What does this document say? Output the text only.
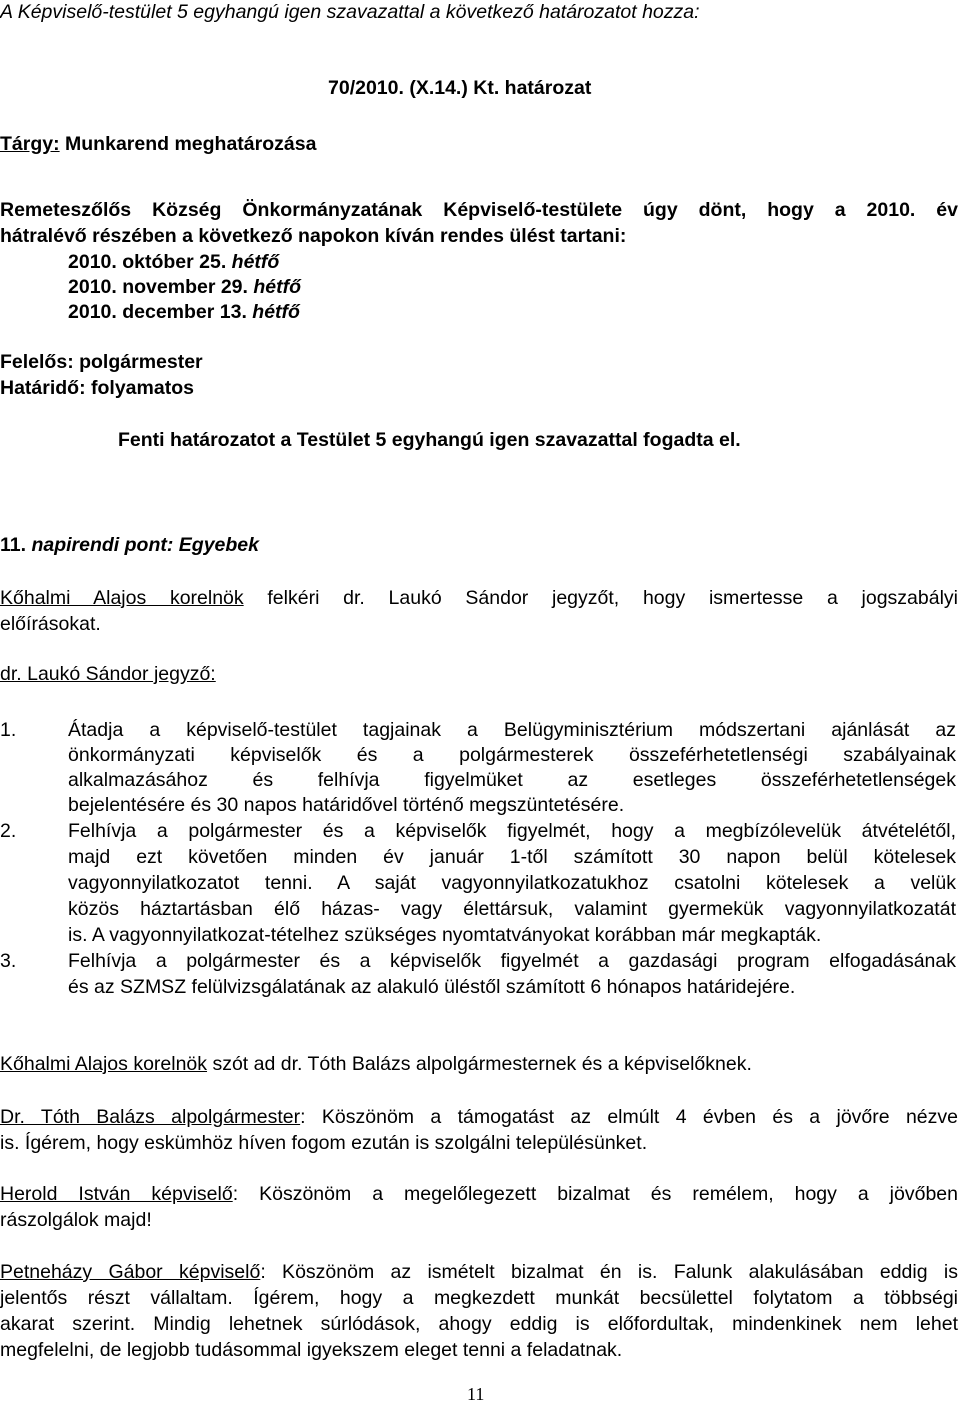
A Képviselő-testület 5 egyhangú igen szavazattal a következő határozatot hozza:

70/2010. (X.14.) Kt. határozat

Tárgy: Munkarend meghatározása

Remeteszőlős Község Önkormányzatának Képviselő-testülete úgy dönt, hogy a 2010. év

hátralévő részében a következő napokon kíván rendes ülést tartani:

2010. október 25. hétfő

2010. november 29. hétfő

2010. december 13. hétfő

Felelős: polgármester

Határidő: folyamatos

Fenti határozatot a Testület 5 egyhangú igen szavazattal fogadta el.

11. napirendi pont: Egyebek

Kőhalmi Alajos korelnök felkéri dr. Laukó Sándor jegyzőt, hogy ismertesse a jogszabályi

előírásokat.

dr. Laukó Sándor jegyző:

1.	Átadja a képviselő-testület tagjainak a Belügyminisztérium módszertani ajánlását az

önkormányzati képviselők és a polgármesterek összeférhetetlenségi szabályainak

alkalmazásához és felhívja figyelmüket az esetleges összeférhetetlenségek

bejelentésére és 30 napos határidővel történő megszüntetésére.

2.	Felhívja a polgármester és a képviselők figyelmét, hogy a megbízólevelük átvételétől,

majd ezt követően minden év január 1-től számított 30 napon belül kötelesek

vagyonnyilatkozatot tenni. A saját vagyonnyilatkozatukhoz csatolni kötelesek a velük

közös háztartásban élő házas- vagy élettársuk, valamint gyermekük vagyonnyilatkozatát

is. A vagyonnyilatkozat-tételhez szükséges nyomtatványokat korábban már megkapták.

3.	Felhívja a polgármester és a képviselők figyelmét a gazdasági program elfogadásának

és az SZMSZ felülvizsgálatának az alakuló üléstől számított 6 hónapos határidejére.

Kőhalmi Alajos korelnök szót ad dr. Tóth Balázs alpolgármesternek és a képviselőknek.

Dr. Tóth Balázs alpolgármester: Köszönöm a támogatást az elmúlt 4 évben és a jövőre nézve

is. Ígérem, hogy eskümhöz híven fogom ezután is szolgálni településünket.

Herold István képviselő: Köszönöm a megelőlegezett bizalmat és remélem, hogy a jövőben

rászolgálok majd!

Petneházy Gábor képviselő: Köszönöm az ismételt bizalmat én is. Falunk alakulásában eddig is

jelentős részt vállaltam. Ígérem, hogy a megkezdett munkát becsülettel folytatom a többségi

akarat szerint. Mindig lehetnek súrlódások, ahogy eddig is előfordultak, mindenkinek nem lehet

megfelelni, de legjobb tudásommal igyekszem eleget tenni a feladatnak.

11
